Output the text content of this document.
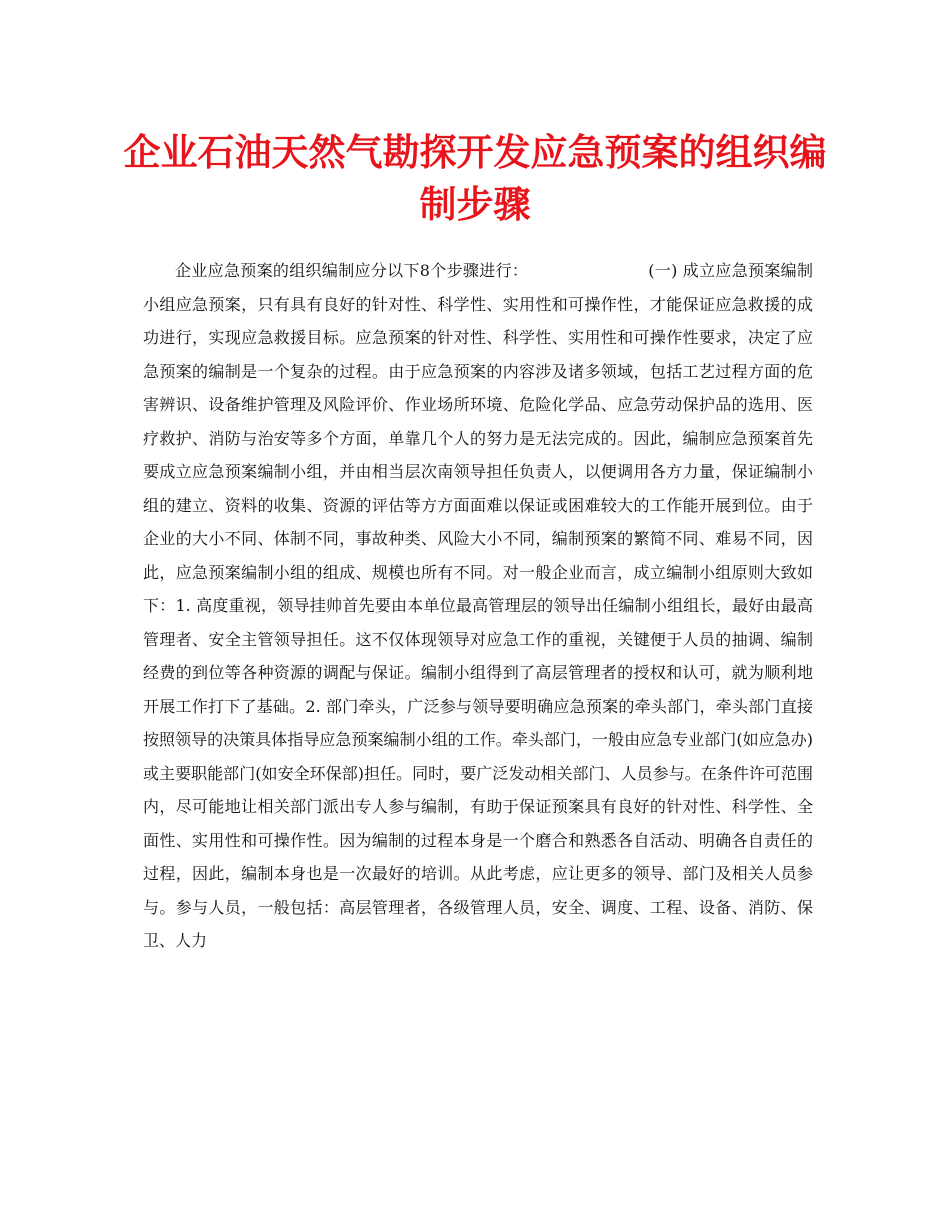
企业石油天然气勘探开发应急预案的组织编制步骤

企业应急预案的组织编制应分以下8个步骤进行：	(一) 成立应急预案编制小组应急预案，只有具有良好的针对性、科学性、实用性和可操作性，才能保证应急救援的成功进行，实现应急救援目标。应急预案的针对性、科学性、实用性和可操作性要求，决定了应急预案的编制是一个复杂的过程。由于应急预案的内容涉及诸多领域，包括工艺过程方面的危害辨识、设备维护管理及风险评价、作业场所环境、危险化学品、应急劳动保护品的选用、医疗救护、消防与治安等多个方面，单靠几个人的努力是无法完成的。因此，编制应急预案首先要成立应急预案编制小组，并由相当层次南领导担任负责人，以便调用各方力量，保证编制小组的建立、资料的收集、资源的评估等方方面面难以保证或困难较大的工作能开展到位。由于企业的大小不同、体制不同，事故种类、风险大小不同，编制预案的繁简不同、难易不同，因此，应急预案编制小组的组成、规模也所有不同。对一般企业而言，成立编制小组原则大致如下：1. 高度重视，领导挂帅首先要由本单位最高管理层的领导出任编制小组组长，最好由最高管理者、安全主管领导担任。这不仅体现领导对应急工作的重视，关键便于人员的抽调、编制经费的到位等各种资源的调配与保证。编制小组得到了高层管理者的授权和认可，就为顺利地开展工作打下了基础。2. 部门牵头，广泛参与领导要明确应急预案的牵头部门，牵头部门直接按照领导的决策具体指导应急预案编制小组的工作。牵头部门，一般由应急专业部门(如应急办)或主要职能部门(如安全环保部)担任。同时，要广泛发动相关部门、人员参与。在条件许可范围内，尽可能地让相关部门派出专人参与编制，有助于保证预案具有良好的针对性、科学性、全面性、实用性和可操作性。因为编制的过程本身是一个磨合和熟悉各自活动、明确各自责任的过程，因此，编制本身也是一次最好的培训。从此考虑，应让更多的领导、部门及相关人员参与。参与人员，一般包括：高层管理者，各级管理人员，安全、调度、工程、设备、消防、保卫、人力
